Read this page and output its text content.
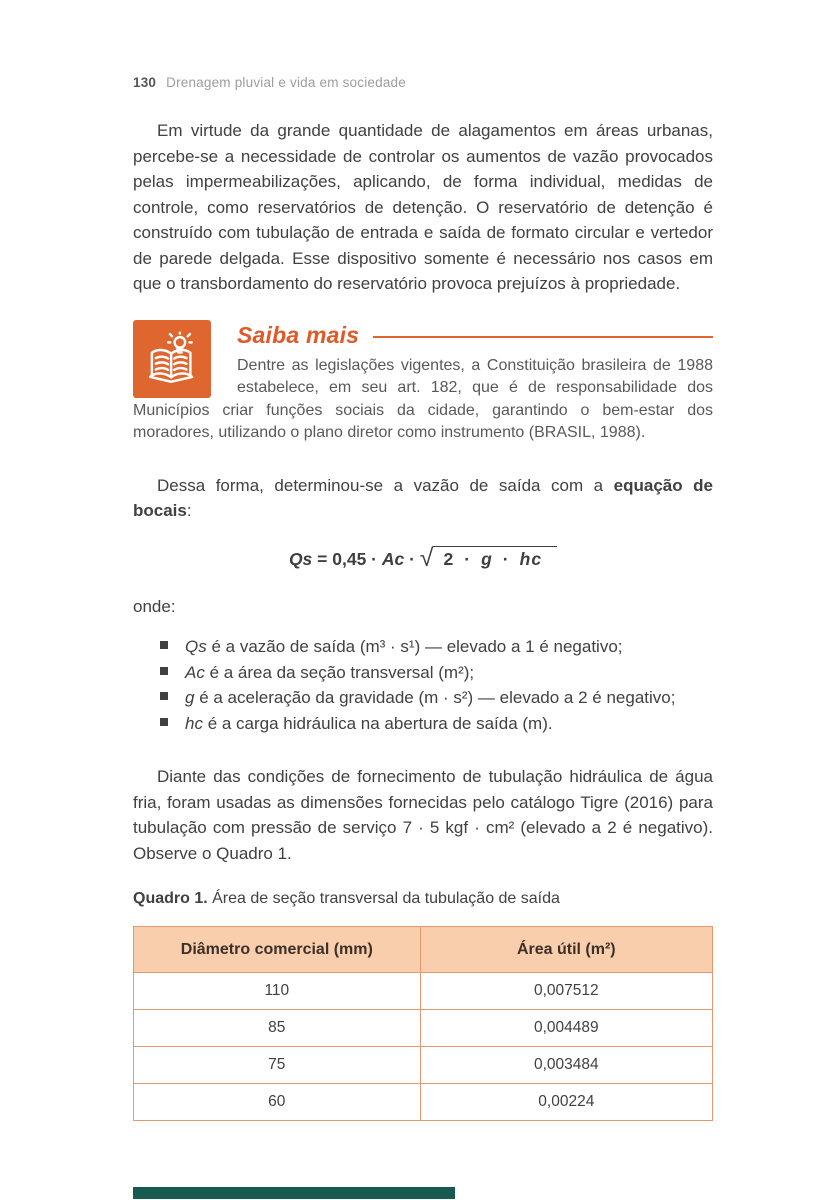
130 Drenagem pluvial e vida em sociedade

Em virtude da grande quantidade de alagamentos em áreas urbanas, percebe-se a necessidade de controlar os aumentos de vazão provocados pelas impermeabilizações, aplicando, de forma individual, medidas de controle, como reservatórios de detenção. O reservatório de detenção é construído com tubulação de entrada e saída de formato circular e vertedor de parede delgada. Esse dispositivo somente é necessário nos casos em que o transbordamento do reservatório provoca prejuízos à propriedade.

Saiba mais

Dentre as legislações vigentes, a Constituição brasileira de 1988 estabelece, em seu art. 182, que é de responsabilidade dos Municípios criar funções sociais da cidade, garantindo o bem-estar dos moradores, utilizando o plano diretor como instrumento (BRASIL, 1988).

Dessa forma, determinou-se a vazão de saída com a equação de bocais:

Qs = 0,45 · Ac · √ 2 · g · hc

onde:

Qs é a vazão de saída (m³ · s¹) — elevado a 1 é negativo;
Ac é a área da seção transversal (m²);
g é a aceleração da gravidade (m · s²) — elevado a 2 é negativo;
hc é a carga hidráulica na abertura de saída (m).

Diante das condições de fornecimento de tubulação hidráulica de água fria, foram usadas as dimensões fornecidas pelo catálogo Tigre (2016) para tubulação com pressão de serviço 7 · 5 kgf · cm² (elevado a 2 é negativo). Observe o Quadro 1.

Quadro 1. Área de seção transversal da tubulação de saída

Diâmetro comercial (mm)	Área útil (m²)
110	0,007512
85	0,004489
75	0,003484
60	0,00224
